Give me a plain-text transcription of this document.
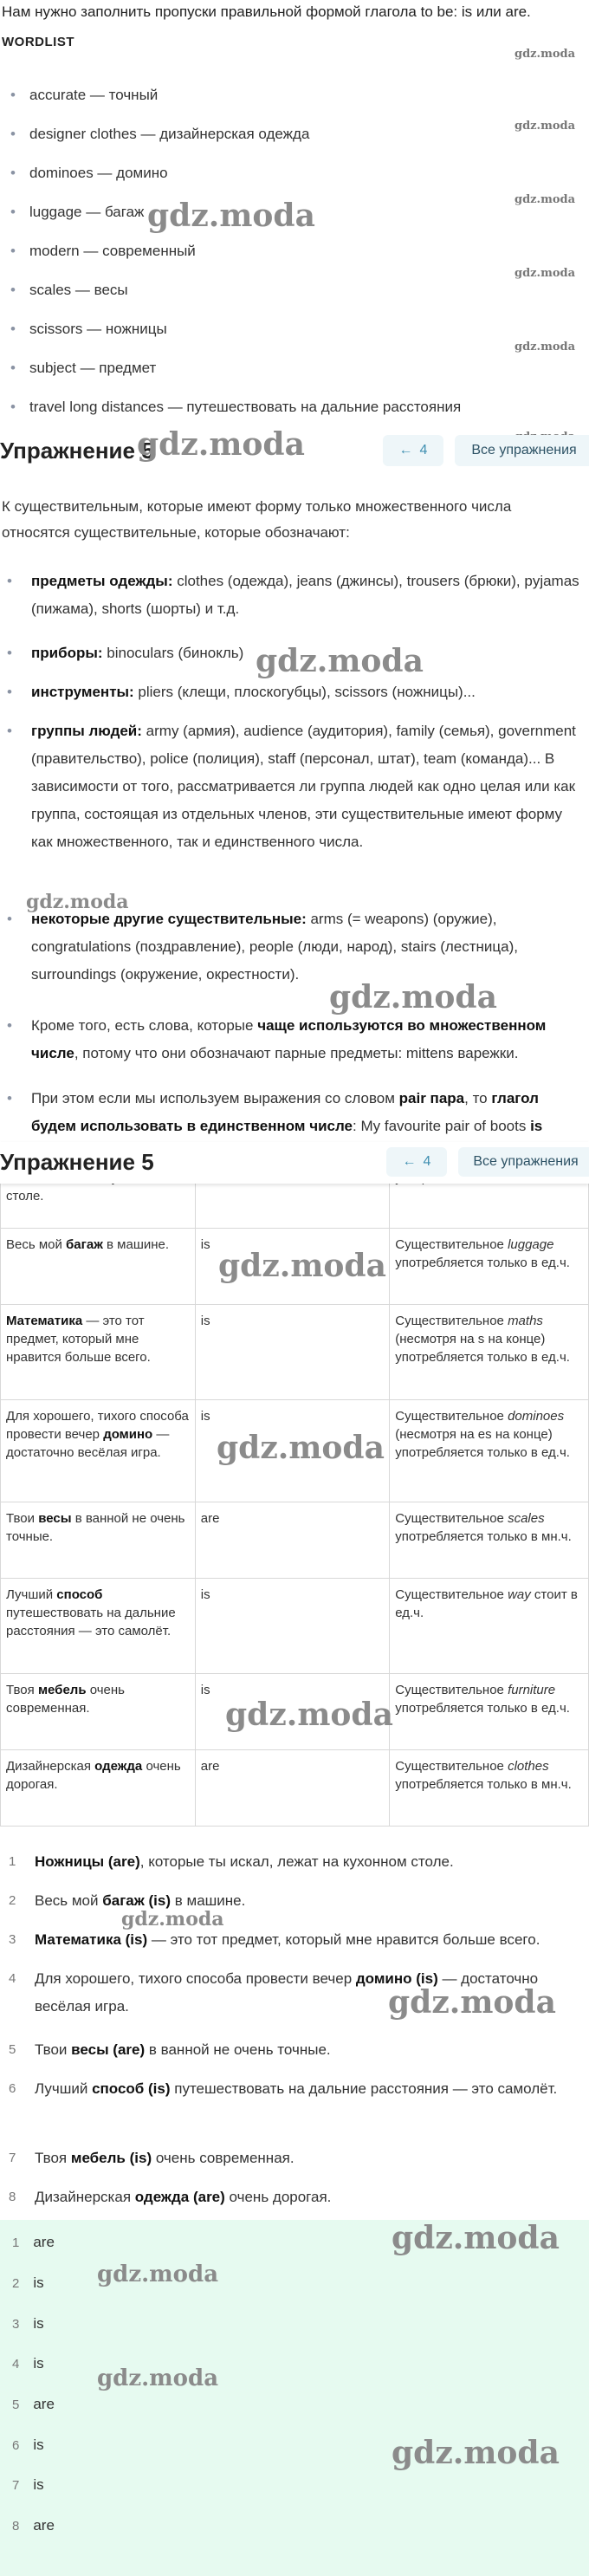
Нам нужно заполнить пропуски правильной формой глагола to be: is или are.
WORDLIST
• accurate — точный
• designer clothes — дизайнерская одежда
• dominoes — домино
• luggage — багаж
• modern — современный
• scales — весы
• scissors — ножницы
• subject — предмет
• travel long distances — путешествовать на дальние расстояния
gdz.moda
gdz.moda
gdz.moda
gdz.moda
gdz.moda
gdz.moda
Упражнение 5
gdz.moda	← 4	Все упражнения
К существительным, которые имеют форму только множественного числа относятся существительные, которые обозначают:
• предметы одежды: clothes (одежда), jeans (джинсы), trousers (брюки), pyjamas (пижама), shorts (шорты) и т.д.
• приборы: binoculars (бинокль)
• инструменты: pliers (клещи, плоскогубцы), scissors (ножницы)...
• группы людей: army (армия), audience (аудитория), family (семья), government (правительство), police (полиция), staff (персонал, штат), team (команда)... В зависимости от того, рассматривается ли группа людей как одно целая или как группа, состоящая из отдельных членов, эти существительные имеют форму как множественного, так и единственного числа.
• некоторые другие существительные: arms (= weapons) (оружие), congratulations (поздравление), people (люди, народ), stairs (лестница), surroundings (окружение, окрестности).
gdz.moda
gdz.moda
gdz.moda
• Кроме того, есть слова, которые чаще используются во множественном числе, потому что они обозначают парные предметы: mittens варежки.
• При этом если мы используем выражения со словом pair пара, то глагол будем использовать в единственном числе: My favourite pair of boots is
столе.		
Весь мой багаж в машине.	is	Существительное luggage употребляется только в ед.ч.
Математика — это тот предмет, который мне нравится больше всего.	is	Существительное maths (несмотря на s на конце) употребляется только в ед.ч.
Для хорошего, тихого способа провести вечер домино — достаточно весёлая игра.	is	Существительное dominoes (несмотря на es на конце) употребляется только в ед.ч.
Твои весы в ванной не очень точные.	are	Существительное scales употребляется только в мн.ч.
Лучший способ путешествовать на дальние расстояния — это самолёт.	is	Существительное way стоит в ед.ч.
Твоя мебель очень современная.	is	Существительное furniture употребляется только в ед.ч.
Дизайнерская одежда очень дорогая.	are	Существительное clothes употребляется только в мн.ч.
Упражнение 5	← 4	Все упражнения
gdz.moda
gdz.moda
gdz.moda
1 Ножницы (are), которые ты искал, лежат на кухонном столе.
2 Весь мой багаж (is) в машине.
3 Математика (is) — это тот предмет, который мне нравится больше всего.
4 Для хорошего, тихого способа провести вечер домино (is) — достаточно весёлая игра.
5 Твои весы (are) в ванной не очень точные.
6 Лучший способ (is) путешествовать на дальние расстояния — это самолёт.
7 Твоя мебель (is) очень современная.
8 Дизайнерская одежда (are) очень дорогая.
gdz.moda
gdz.moda
1 are
2 is
3 is
4 is
5 are
6 is
7 is
8 are
gdz.moda
gdz.moda
gdz.moda
gdz.moda
